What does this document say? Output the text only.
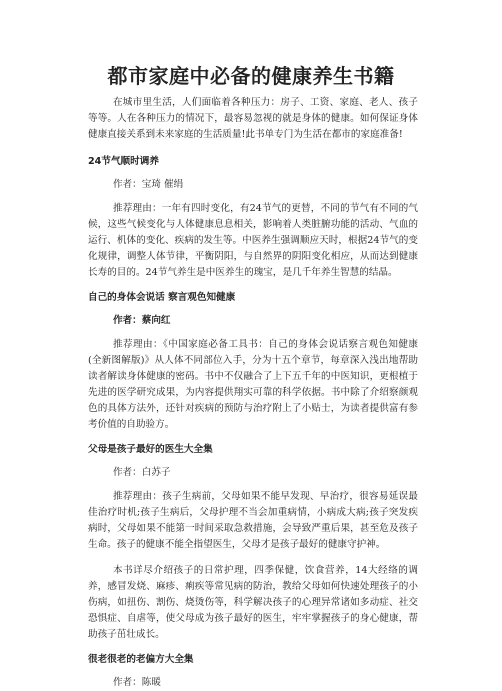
都市家庭中必备的健康养生书籍

在城市里生活，人们面临着各种压力：房子、工资、家庭、老人、孩子等等。人在各种压力的情况下，最容易忽视的就是身体的健康。如何保证身体健康直接关系到未来家庭的生活质量!此书单专门为生活在都市的家庭准备!

24节气顺时调养

作者：宝琦 催绢

推荐理由：一年有四时变化，有24节气的更替，不同的节气有不同的气候，这些气候变化与人体健康息息相关，影响着人类脏腑功能的活动、气血的运行、机体的变化、疾病的发生等。中医养生强调顺应天时，根据24节气的变化规律，调整人体节律，平衡阴阳，与自然界的阴阳变化相应，从而达到健康长寿的目的。24节气养生是中医养生的瑰宝，是几千年养生智慧的结晶。

自己的身体会说话 察言观色知健康

作者：蔡向红

推荐理由：《中国家庭必备工具书：自己的身体会说话察言观色知健康(全新图解版)》从人体不同部位入手，分为十五个章节，每章深入浅出地帮助读者解读身体健康的密码。书中不仅融合了上下五千年的中医知识，更根植于先进的医学研究成果，为内容提供翔实可靠的科学依据。书中除了介绍察颜观色的具体方法外，还针对疾病的预防与治疗附上了小贴士，为读者提供富有参考价值的自助验方。

父母是孩子最好的医生大全集

作者：白苏子

推荐理由：孩子生病前，父母如果不能早发现、早治疗，很容易延误最佳治疗时机;孩子生病后，父母护理不当会加重病情，小病成大病;孩子突发疾病时，父母如果不能第一时间采取急救措施，会导致严重后果，甚至危及孩子生命。孩子的健康不能全指望医生，父母才是孩子最好的健康守护神。

本书详尽介绍孩子的日常护理，四季保健，饮食营养，14大经络的调养，感冒发烧、麻疹、痢疾等常见病的防治，教给父母如何快速处理孩子的小伤病，如扭伤、割伤、烧烫伤等，科学解决孩子的心理异常诸如多动症、社交恐惧症、自虐等，使父母成为孩子最好的医生，牢牢掌握孩子的身心健康，帮助孩子茁壮成长。

很老很老的老偏方大全集

作者：陈暖
